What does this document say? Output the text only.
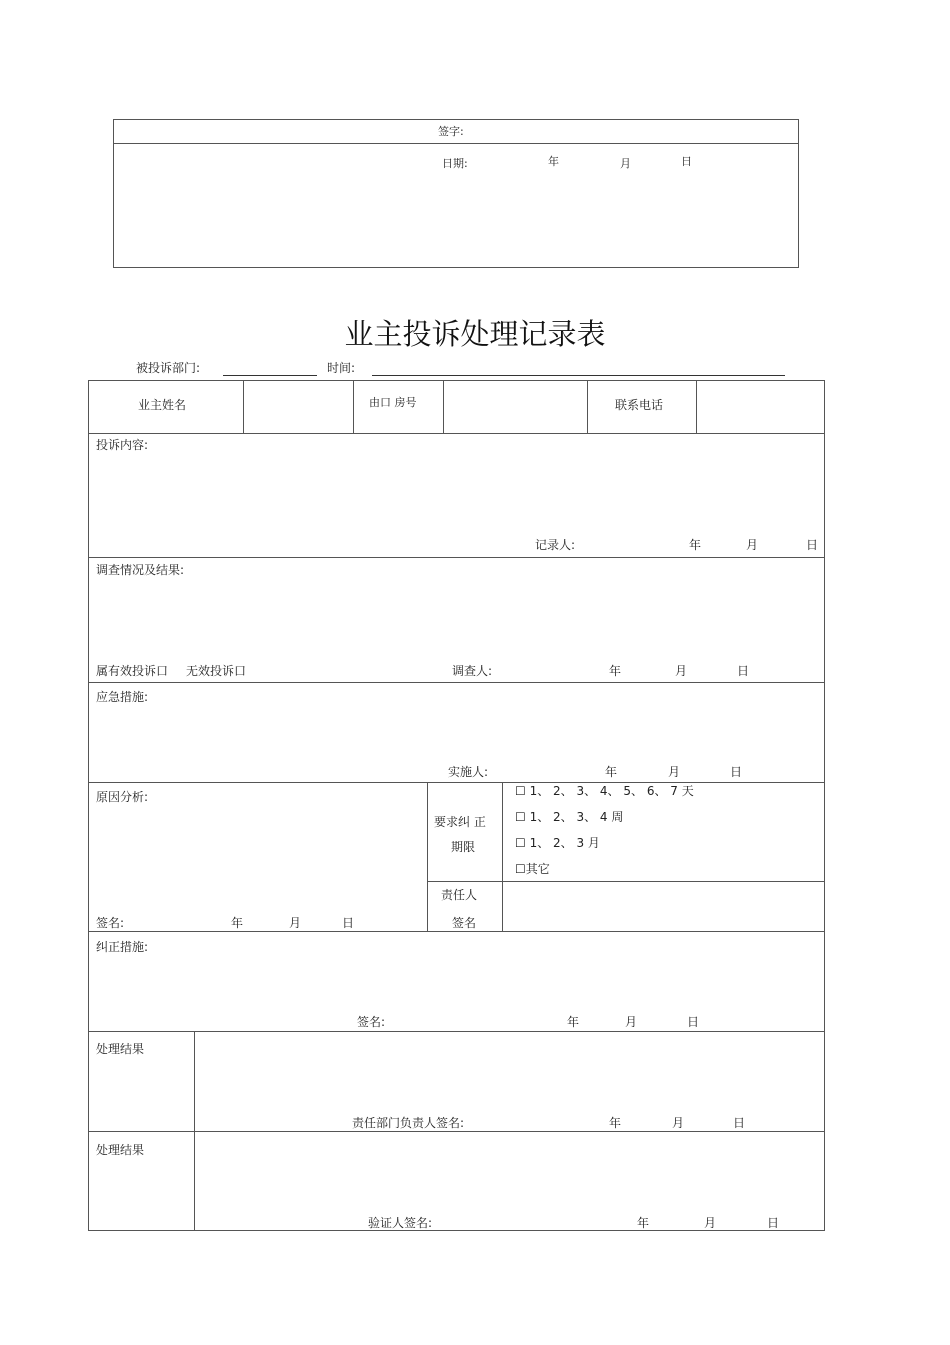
签字:
日期:	年	月	日
业主投诉处理记录表
被投诉部门:	时间:
业主姓名	由口 房号	联系电话
投诉内容:
记录人:	年	月	日
调查情况及结果:
属有效投诉口 无效投诉口	调查人:	年	月	日
应急措施:
实施人:	年	月	日
原因分析:
签名:	年	月	日
要求纠 正
期限
☐ 1、 2、 3、 4、 5、 6、 7 天
☐ 1、 2、 3、 4 周
☐ 1、 2、 3 月
☐其它
责任人
签名
纠正措施:
签名:	年	月	日
处理结果
责任部门负责人签名:	年	月	日
处理结果
验证人签名:	年	月	日
